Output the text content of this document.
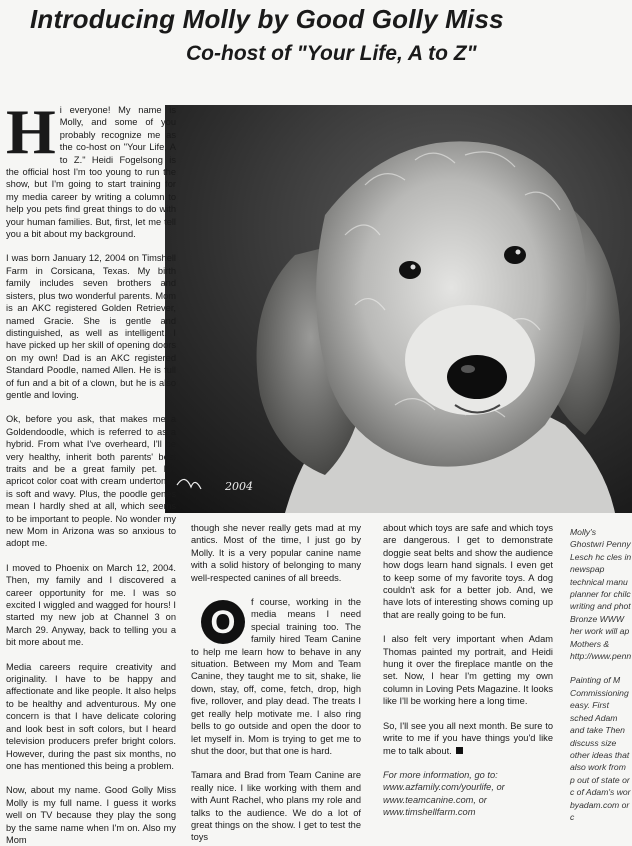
Introducing Molly by Good Golly Miss
Co-host of "Your Life, A to Z"
2004

Hi everyone! My name is Molly, and some of you probably recognize me as the co-host on "Your Life, A to Z." Heidi Fogelsong is the official host I'm too young to run the show, but I'm going to start training for my media career by writing a column to help you pets find great things to do with your human families. But, first, let me tell you a bit about my background.

I was born January 12, 2004 on Timshell Farm in Corsicana, Texas. My birth family includes seven brothers and sisters, plus two wonderful parents. Mom is an AKC registered Golden Retriever, named Gracie. She is gentle and distinguished, as well as intelligent. I have picked up her skill of opening doors on my own! Dad is an AKC registered Standard Poodle, named Allen. He is full of fun and a bit of a clown, but he is also gentle and loving.

Ok, before you ask, that makes me a Goldendoodle, which is referred to as a hybrid. From what I've overheard, I'll be very healthy, inherit both parents' best traits and be a great family pet. My apricot color coat with cream undertones is soft and wavy. Plus, the poodle genes mean I hardly shed at all, which seems to be important to people. No wonder my new Mom in Arizona was so anxious to adopt me.

I moved to Phoenix on March 12, 2004. Then, my family and I discovered a career opportunity for me. I was so excited I wiggled and wagged for hours! I started my new job at Channel 3 on March 29. Anyway, back to telling you a bit more about me.

Media careers require creativity and originality. I have to be happy and affectionate and like people. It also helps to be healthy and adventurous. My one concern is that I have delicate coloring and look best in soft colors, but I heard television producers prefer bright colors. However, during the past six months, no one has mentioned this being a problem.

Now, about my name. Good Golly Miss Molly is my full name. I guess it works well on TV because they play the song by the same name when I'm on. Also my Mom

though she never really gets mad at my antics. Most of the time, I just go by Molly. It is a very popular canine name with a solid history of belonging to many well-respected canines of all breeds.

O
f course, working in the media means I need special training too. The family hired Team Canine to help me learn how to behave in any situation. Between my Mom and Team Canine, they taught me to sit, shake, lie down, stay, off, come, fetch, drop, high five, rollover, and play dead. The treats I get really help motivate me. I also ring bells to go outside and open the door to let myself in. Mom is trying to get me to shut the door, but that one is hard.

Tamara and Brad from Team Canine are really nice. I like working with them and with Aunt Rachel, who plans my role and talks to the audience. We do a lot of great things on the show. I get to test the toys

about which toys are safe and which toys are dangerous. I get to demonstrate doggie seat belts and show the audience how dogs learn hand signals. I even get to keep some of my favorite toys. A dog couldn't ask for a better job. And, we have lots of interesting shows coming up that are really going to be fun.

I also felt very important when Adam Thomas painted my portrait, and Heidi hung it over the fireplace mantle on the set. Now, I hear I'm getting my own column in Loving Pets Magazine. It looks like I'll be working here a long time.

So, I'll see you all next month. Be sure to write to me if you have things you'd like me to talk about.

For more information, go to:
www.azfamily.com/yourlife, or
www.teamcanine.com, or
www.timshellfarm.com

Molly's Ghostwri Penny Lesch hc cles in newspap technical manu planner for chilc writing and phot Bronze WWW her work will ap Mothers & http://www.penn

Painting of M Commissioning easy. First sched Adam and take Then discuss size other ideas that also work from p out of state or c of Adam's wor byadam.com or c
